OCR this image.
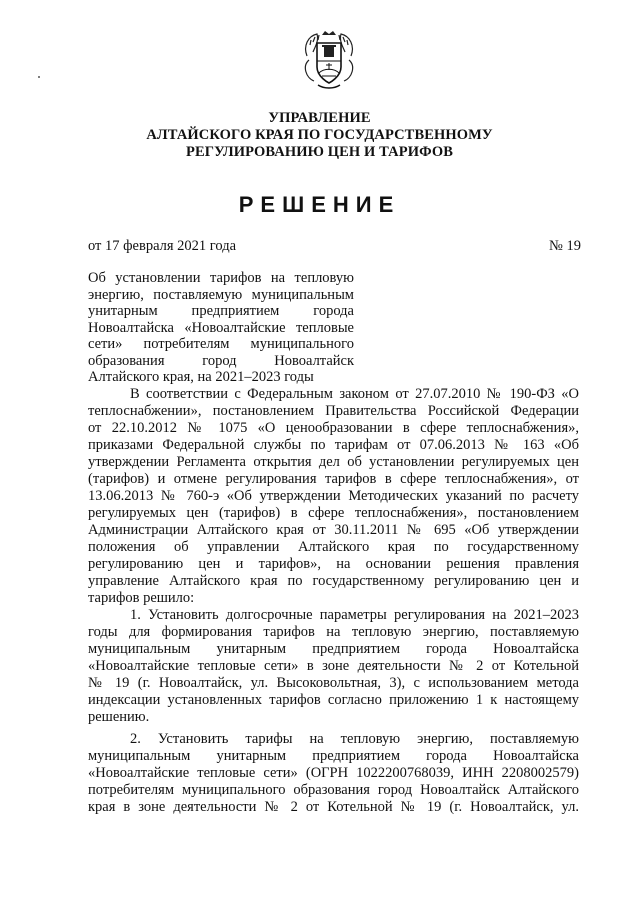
УПРАВЛЕНИЕ
АЛТАЙСКОГО КРАЯ ПО ГОСУДАРСТВЕННОМУ
РЕГУЛИРОВАНИЮ ЦЕН И ТАРИФОВ
РЕШЕНИЕ
от 17 февраля 2021 года	№ 19
Об установлении тарифов на тепловую
энергию, поставляемую муниципальным
унитарным предприятием города
Новоалтайска «Новоалтайские тепловые
сети» потребителям муниципального
образования город Новоалтайск
Алтайского края, на 2021–2023 годы
В соответствии с Федеральным законом от 27.07.2010 № 190-ФЗ «О
теплоснабжении», постановлением Правительства Российской Федерации
от 22.10.2012 № 1075 «О ценообразовании в сфере теплоснабжения»,
приказами Федеральной службы по тарифам от 07.06.2013 № 163 «Об
утверждении Регламента открытия дел об установлении регулируемых цен
(тарифов) и отмене регулирования тарифов в сфере теплоснабжения», от
13.06.2013 № 760-э «Об утверждении Методических указаний по расчету
регулируемых цен (тарифов) в сфере теплоснабжения», постановлением
Администрации Алтайского края от 30.11.2011 № 695 «Об утверждении
положения об управлении Алтайского края по государственному
регулированию цен и тарифов», на основании решения правления
управление Алтайского края по государственному регулированию цен и
тарифов решило:
1. Установить долгосрочные параметры регулирования на 2021–2023
годы для формирования тарифов на тепловую энергию, поставляемую
муниципальным унитарным предприятием города Новоалтайска
«Новоалтайские тепловые сети» в зоне деятельности № 2 от Котельной
№ 19 (г. Новоалтайск, ул. Высоковольтная, 3), с использованием метода
индексации установленных тарифов согласно приложению 1 к настоящему
решению.
2. Установить тарифы на тепловую энергию, поставляемую
муниципальным унитарным предприятием города Новоалтайска
«Новоалтайские тепловые сети» (ОГРН 1022200768039, ИНН 2208002579)
потребителям муниципального образования город Новоалтайск Алтайского
края в зоне деятельности № 2 от Котельной № 19 (г. Новоалтайск, ул.
